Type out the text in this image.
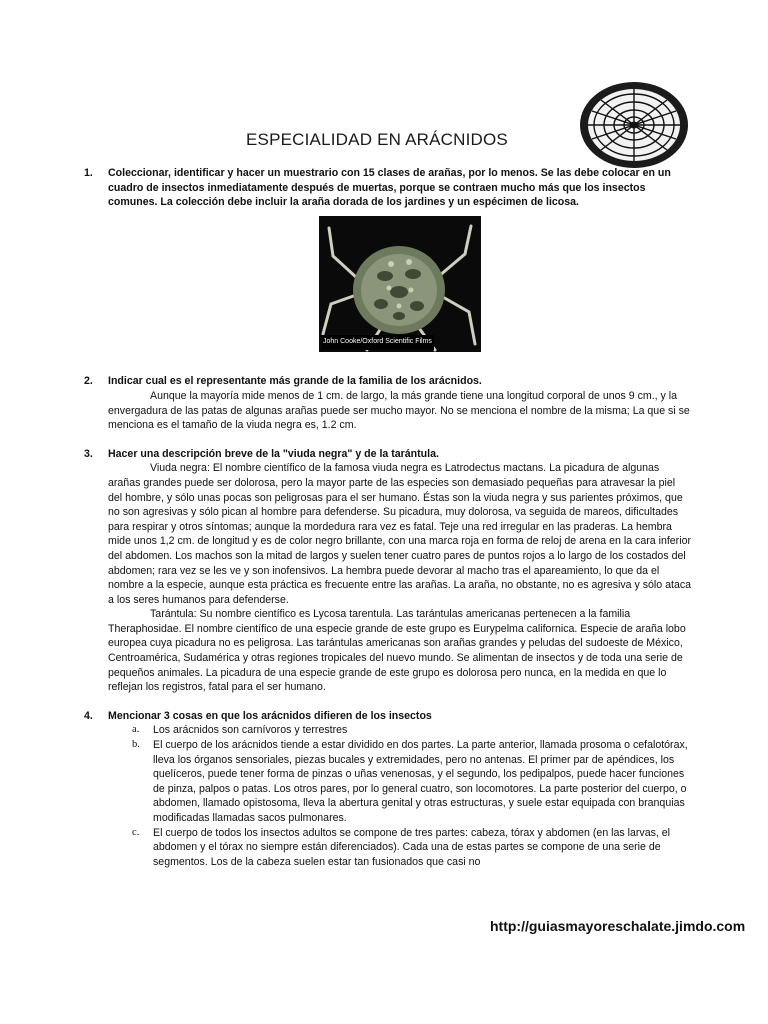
ESPECIALIDAD EN ARÁCNIDOS
1. Coleccionar, identificar y hacer un muestrario con 15 clases de arañas, por lo menos. Se las debe colocar en un cuadro de insectos inmediatamente después de muertas, porque se contraen mucho más que los insectos comunes. La colección debe incluir la araña dorada de los jardines y un espécimen de licosa.
John Cooke/Oxford Scientific Films
2. Indicar cual es el representante más grande de la familia de los arácnidos.

Aunque la mayoría mide menos de 1 cm. de largo, la más grande tiene una longitud corporal de unos 9 cm., y la envergadura de las patas de algunas arañas puede ser mucho mayor. No se menciona el nombre de la misma; La que si se menciona es el tamaño de la viuda negra es, 1.2 cm.

3. Hacer una descripción breve de la "viuda negra" y de la tarántula.

Viuda negra: El nombre científico de la famosa viuda negra es Latrodectus mactans. La picadura de algunas arañas grandes puede ser dolorosa, pero la mayor parte de las especies son demasiado pequeñas para atravesar la piel del hombre, y sólo unas pocas son peligrosas para el ser humano. Éstas son la viuda negra y sus parientes próximos, que no son agresivas y sólo pican al hombre para defenderse. Su picadura, muy dolorosa, va seguida de mareos, dificultades para respirar y otros síntomas; aunque la mordedura rara vez es fatal. Teje una red irregular en las praderas. La hembra mide unos 1,2 cm. de longitud y es de color negro brillante, con una marca roja en forma de reloj de arena en la cara inferior del abdomen. Los machos son la mitad de largos y suelen tener cuatro pares de puntos rojos a lo largo de los costados del abdomen; rara vez se les ve y son inofensivos. La hembra puede devorar al macho tras el apareamiento, lo que da el nombre a la especie, aunque esta práctica es frecuente entre las arañas. La araña, no obstante, no es agresiva y sólo ataca a los seres humanos para defenderse.

Tarántula: Su nombre científico es Lycosa tarentula. Las tarántulas americanas pertenecen a la familia Theraphosidae. El nombre científico de una especie grande de este grupo es Eurypelma californica. Especie de araña lobo europea cuya picadura no es peligrosa. Las tarántulas americanas son arañas grandes y peludas del sudoeste de México, Centroamérica, Sudamérica y otras regiones tropicales del nuevo mundo. Se alimentan de insectos y de toda una serie de pequeños animales. La picadura de una especie grande de este grupo es dolorosa pero nunca, en la medida en que lo reflejan los registros, fatal para el ser humano.

4. Mencionar 3 cosas en que los arácnidos difieren de los insectos
a. Los arácnidos son carnívoros y terrestres
b. El cuerpo de los arácnidos tiende a estar dividido en dos partes. La parte anterior, llamada prosoma o cefalotórax, lleva los órganos sensoriales, piezas bucales y extremidades, pero no antenas. El primer par de apéndices, los quelíceros, puede tener forma de pinzas o uñas venenosas, y el segundo, los pedipalpos, puede hacer funciones de pinza, palpos o patas. Los otros pares, por lo general cuatro, son locomotores. La parte posterior del cuerpo, o abdomen, llamado opistosoma, lleva la abertura genital y otras estructuras, y suele estar equipada con branquias modificadas llamadas sacos pulmonares.
c. El cuerpo de todos los insectos adultos se compone de tres partes: cabeza, tórax y abdomen (en las larvas, el abdomen y el tórax no siempre están diferenciados). Cada una de estas partes se compone de una serie de segmentos. Los de la cabeza suelen estar tan fusionados que casi no
http://guiasmayoreschalate.jimdo.com
